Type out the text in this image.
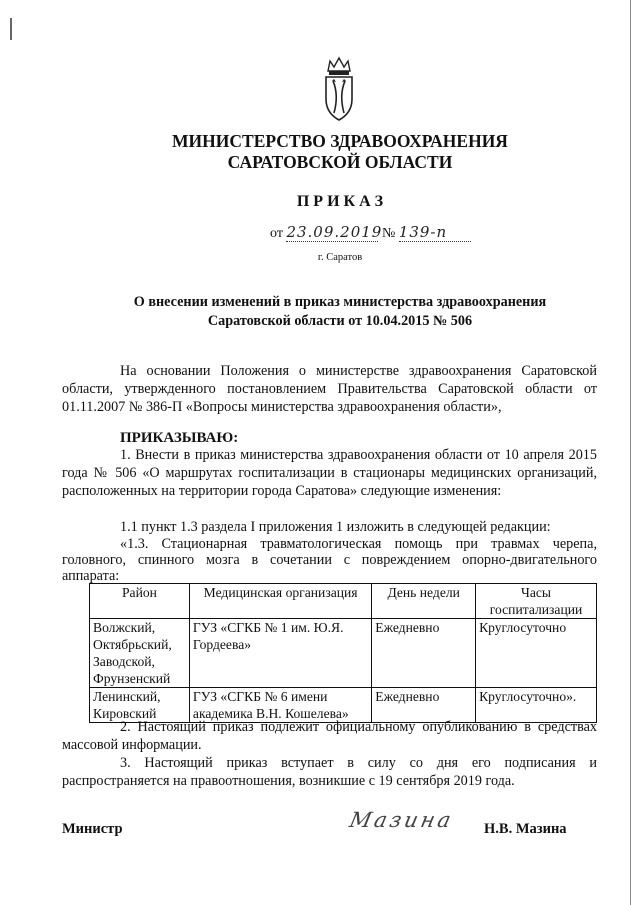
МИНИСТЕРСТВО ЗДРАВООХРАНЕНИЯ
САРАТОВСКОЙ ОБЛАСТИ
П Р И К А З
от 23.09.2019 № 139-п
г. Саратов
О внесении изменений в приказ министерства здравоохранения
Саратовской области от 10.04.2015 № 506

На основании Положения о министерстве здравоохранения Саратовской области, утвержденного постановлением Правительства Саратовской области от 01.11.2007 № 386-П «Вопросы министерства здравоохранения области»,

ПРИКАЗЫВАЮ:

1. Внести в приказ министерства здравоохранения области от 10 апреля 2015 года № 506 «О маршрутах госпитализации в стационары медицинских организаций, расположенных на территории города Саратова» следующие изменения:

1.1 пункт 1.3 раздела I приложения 1 изложить в следующей редакции:

«1.3. Стационарная травматологическая помощь при травмах черепа, головного, спинного мозга в сочетании с повреждением опорно-двигательного аппарата:

Район	Медицинская организация	День недели	Часы госпитализации
Волжский, Октябрьский, Заводской, Фрунзенский	ГУЗ «СГКБ № 1 им. Ю.Я. Гордеева»	Ежедневно	Круглосуточно
Ленинский, Кировский	ГУЗ «СГКБ № 6 имени академика В.Н. Кошелева»	Ежедневно	Круглосуточно».

2. Настоящий приказ подлежит официальному опубликованию в средствах массовой информации.

3. Настоящий приказ вступает в силу со дня его подписания и распространяется на правоотношения, возникшие с 19 сентября 2019 года.

Министр	Мазина Н.В. Мазина
